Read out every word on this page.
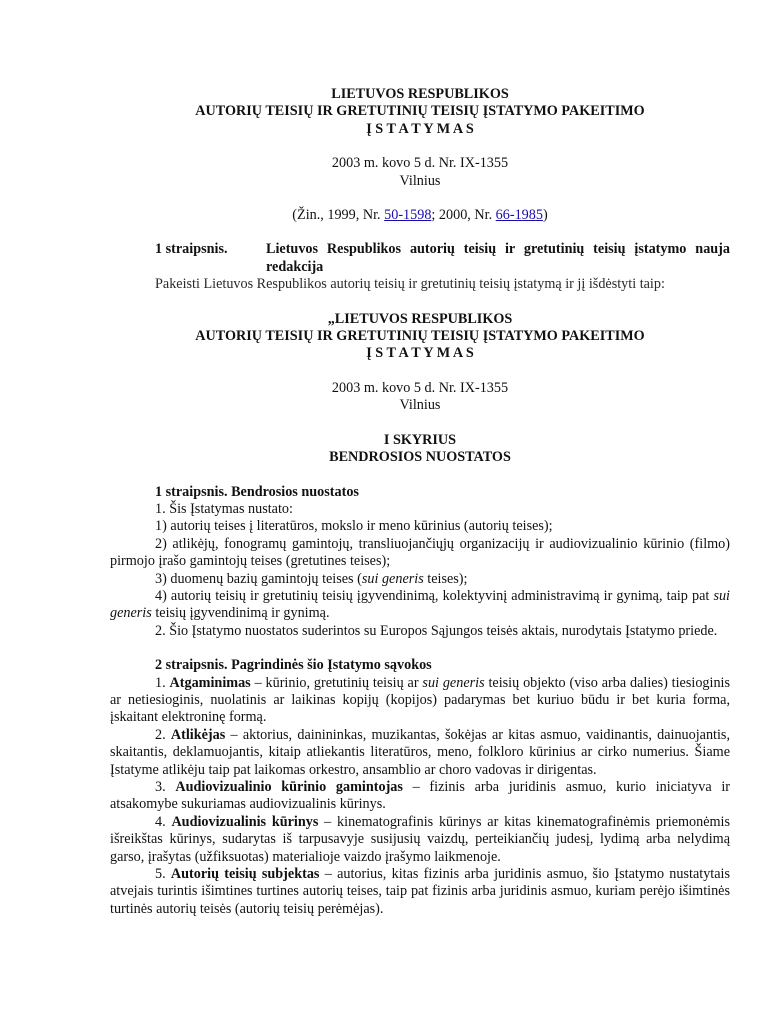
LIETUVOS RESPUBLIKOS

AUTORIŲ TEISIŲ IR GRETUTINIŲ TEISIŲ ĮSTATYMO PAKEITIMO

Į S T A T Y M A S

2003 m. kovo 5 d. Nr. IX-1355

Vilnius

(Žin., 1999, Nr. 50-1598; 2000, Nr. 66-1985)

1 straipsnis.	Lietuvos Respublikos autorių teisių ir gretutinių teisių įstatymo nauja redakcija

Pakeisti Lietuvos Respublikos autorių teisių ir gretutinių teisių įstatymą ir jį išdėstyti taip:

„LIETUVOS RESPUBLIKOS

AUTORIŲ TEISIŲ IR GRETUTINIŲ TEISIŲ ĮSTATYMO PAKEITIMO

Į S T A T Y M A S

2003 m. kovo 5 d. Nr. IX-1355

Vilnius

I SKYRIUS

BENDROSIOS NUOSTATOS

1 straipsnis. Bendrosios nuostatos

1. Šis Įstatymas nustato:

1) autorių teises į literatūros, mokslo ir meno kūrinius (autorių teises);

2) atlikėjų, fonogramų gamintojų, transliuojančiųjų organizacijų ir audiovizualinio kūrinio (filmo) pirmojo įrašo gamintojų teises (gretutines teises);

3) duomenų bazių gamintojų teises (sui generis teises);

4) autorių teisių ir gretutinių teisių įgyvendinimą, kolektyvinį administravimą ir gynimą, taip pat sui generis teisių įgyvendinimą ir gynimą.

2. Šio Įstatymo nuostatos suderintos su Europos Sąjungos teisės aktais, nurodytais Įstatymo priede.

2 straipsnis. Pagrindinės šio Įstatymo sąvokos

1. Atgaminimas – kūrinio, gretutinių teisių ar sui generis teisių objekto (viso arba dalies) tiesioginis ar netiesioginis, nuolatinis ar laikinas kopijų (kopijos) padarymas bet kuriuo būdu ir bet kuria forma, įskaitant elektroninę formą.

2. Atlikėjas – aktorius, dainininkas, muzikantas, šokėjas ar kitas asmuo, vaidinantis, dainuojantis, skaitantis, deklamuojantis, kitaip atliekantis literatūros, meno, folkloro kūrinius ar cirko numerius. Šiame Įstatyme atlikėju taip pat laikomas orkestro, ansamblio ar choro vadovas ir dirigentas.

3. Audiovizualinio kūrinio gamintojas – fizinis arba juridinis asmuo, kurio iniciatyva ir atsakomybe sukuriamas audiovizualinis kūrinys.

4. Audiovizualinis kūrinys – kinematografinis kūrinys ar kitas kinematografinėmis priemonėmis išreikštas kūrinys, sudarytas iš tarpusavyje susijusių vaizdų, perteikiančių judesį, lydimą arba nelydimą garso, įrašytas (užfiksuotas) materialioje vaizdo įrašymo laikmenoje.

5. Autorių teisių subjektas – autorius, kitas fizinis arba juridinis asmuo, šio Įstatymo nustatytais atvejais turintis išimtines turtines autorių teises, taip pat fizinis arba juridinis asmuo, kuriam perėjo išimtinės turtinės autorių teisės (autorių teisių perėmėjas).
